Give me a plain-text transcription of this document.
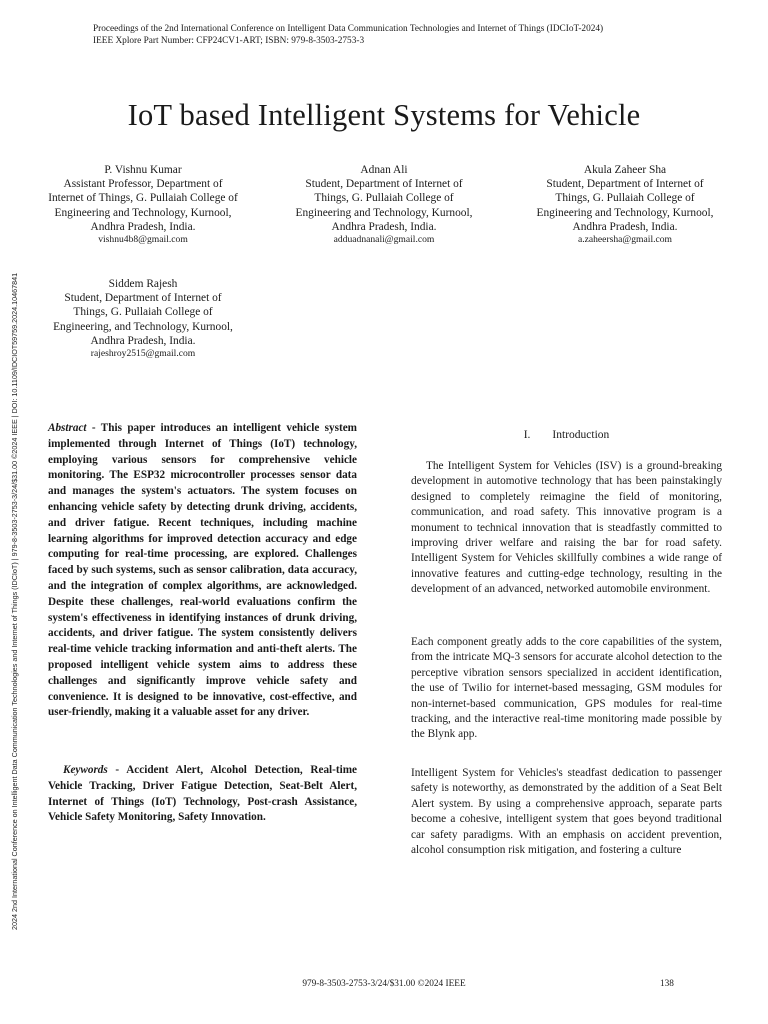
Proceedings of the 2nd International Conference on Intelligent Data Communication Technologies and Internet of Things (IDCIoT-2024)
IEEE Xplore Part Number: CFP24CV1-ART; ISBN: 979-8-3503-2753-3
2024 2nd International Conference on Intelligent Data Communication Technologies and Internet of Things (IDCIoT) | 979-8-3503-2753-3/24/$31.00 ©2024 IEEE | DOI: 10.1109/IDCIOT59759.2024.10467841
IoT based Intelligent Systems for Vehicle
P. Vishnu Kumar
Assistant Professor, Department of Internet of Things, G. Pullaiah College of Engineering and Technology, Kurnool, Andhra Pradesh, India.
vishnu4b8@gmail.com
Adnan Ali
Student, Department of Internet of Things, G. Pullaiah College of Engineering and Technology, Kurnool, Andhra Pradesh, India.
adduadnanali@gmail.com
Akula Zaheer Sha
Student, Department of Internet of Things, G. Pullaiah College of Engineering and Technology, Kurnool, Andhra Pradesh, India.
a.zaheersha@gmail.com
Siddem Rajesh
Student, Department of Internet of Things, G. Pullaiah College of Engineering, and Technology, Kurnool, Andhra Pradesh, India.
rajeshroy2515@gmail.com

Abstract - This paper introduces an intelligent vehicle system implemented through Internet of Things (IoT) technology, employing various sensors for comprehensive vehicle monitoring. The ESP32 microcontroller processes sensor data and manages the system's actuators. The system focuses on enhancing vehicle safety by detecting drunk driving, accidents, and driver fatigue. Recent techniques, including machine learning algorithms for improved detection accuracy and edge computing for real-time processing, are explored. Challenges faced by such systems, such as sensor calibration, data accuracy, and the integration of complex algorithms, are acknowledged. Despite these challenges, real-world evaluations confirm the system's effectiveness in identifying instances of drunk driving, accidents, and driver fatigue. The system consistently delivers real-time vehicle tracking information and anti-theft alerts. The proposed intelligent vehicle system aims to address these challenges and significantly improve vehicle safety and convenience. It is designed to be innovative, cost-effective, and user-friendly, making it a valuable asset for any driver.

Keywords - Accident Alert, Alcohol Detection, Real-time Vehicle Tracking, Driver Fatigue Detection, Seat-Belt Alert, Internet of Things (IoT) Technology, Post-crash Assistance, Vehicle Safety Monitoring, Safety Innovation.
I. Introduction

The Intelligent System for Vehicles (ISV) is a ground-breaking development in automotive technology that has been painstakingly designed to completely reimagine the field of monitoring, communication, and road safety. This innovative program is a monument to technical innovation that is steadfastly committed to improving driver welfare and raising the bar for road safety. Intelligent System for Vehicles skillfully combines a wide range of innovative features and cutting-edge technology, resulting in the development of an advanced, networked automobile environment.

Each component greatly adds to the core capabilities of the system, from the intricate MQ-3 sensors for accurate alcohol detection to the perceptive vibration sensors specialized in accident identification, the use of Twilio for internet-based messaging, GSM modules for non-internet-based communication, GPS modules for real-time tracking, and the interactive real-time monitoring made possible by the Blynk app.

Intelligent System for Vehicles's steadfast dedication to passenger safety is noteworthy, as demonstrated by the addition of a Seat Belt Alert system. By using a comprehensive approach, separate parts become a cohesive, intelligent system that goes beyond traditional car safety paradigms. With an emphasis on accident prevention, alcohol consumption risk mitigation, and fostering a culture

979-8-3503-2753-3/24/$31.00 ©2024 IEEE	138
